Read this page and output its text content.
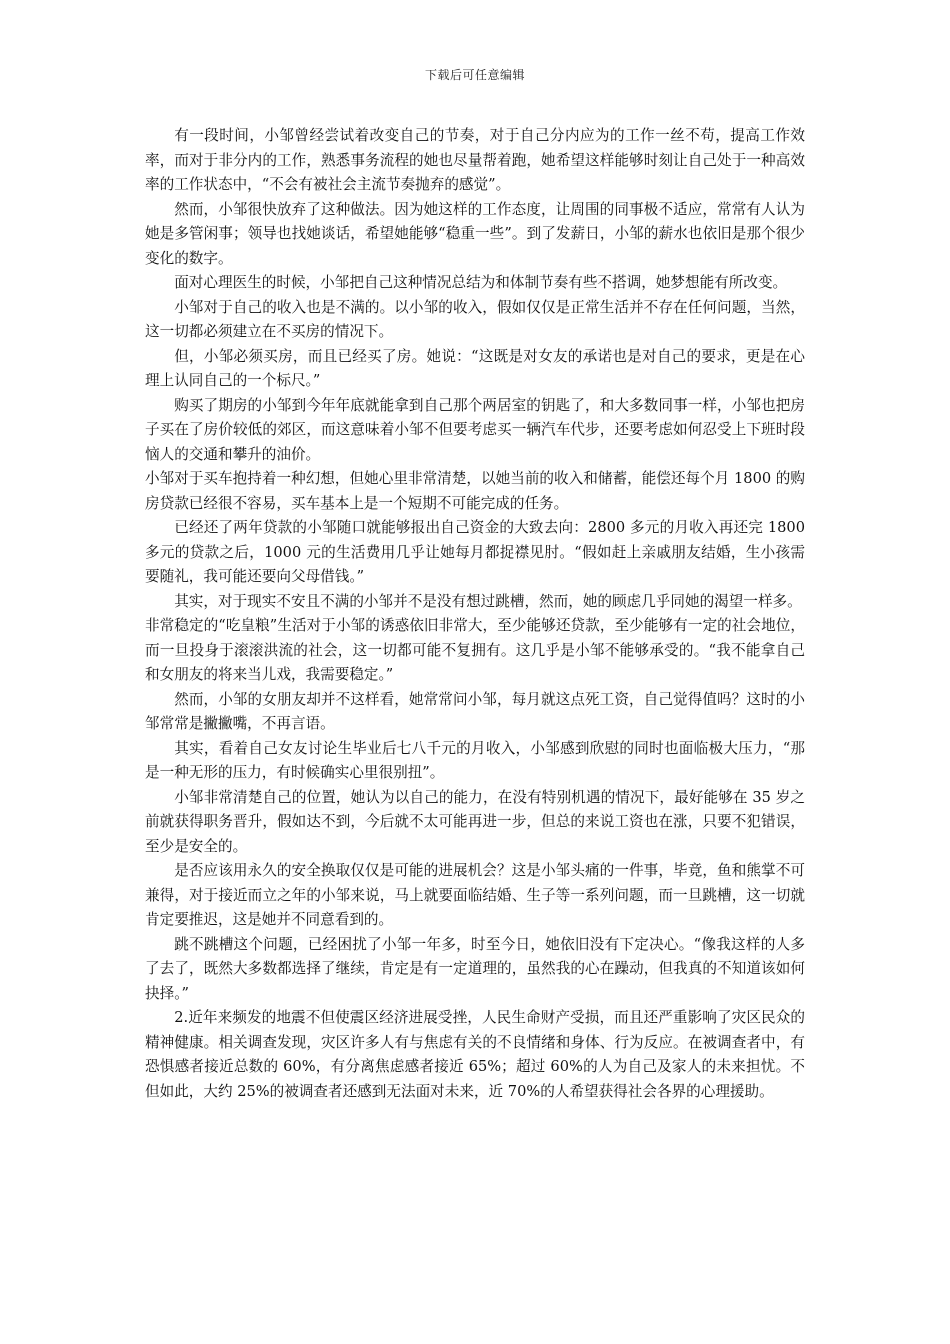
下载后可任意编辑

有一段时间，小邹曾经尝试着改变自己的节奏，对于自己分内应为的工作一丝不苟，提高工作效率，而对于非分内的工作，熟悉事务流程的她也尽量帮着跑，她希望这样能够时刻让自己处于一种高效率的工作状态中，“不会有被社会主流节奏抛弃的感觉”。

然而，小邹很快放弃了这种做法。因为她这样的工作态度，让周围的同事极不适应，常常有人认为她是多管闲事；领导也找她谈话，希望她能够“稳重一些”。到了发薪日，小邹的薪水也依旧是那个很少变化的数字。

面对心理医生的时候，小邹把自己这种情况总结为和体制节奏有些不搭调，她梦想能有所改变。

小邹对于自己的收入也是不满的。以小邹的收入，假如仅仅是正常生活并不存在任何问题，当然，这一切都必须建立在不买房的情况下。

但，小邹必须买房，而且已经买了房。她说：“这既是对女友的承诺也是对自己的要求，更是在心理上认同自己的一个标尺。”

购买了期房的小邹到今年年底就能拿到自己那个两居室的钥匙了，和大多数同事一样，小邹也把房子买在了房价较低的郊区，而这意味着小邹不但要考虑买一辆汽车代步，还要考虑如何忍受上下班时段恼人的交通和攀升的油价。

小邹对于买车抱持着一种幻想，但她心里非常清楚，以她当前的收入和储蓄，能偿还每个月 1800 的购房贷款已经很不容易，买车基本上是一个短期不可能完成的任务。

已经还了两年贷款的小邹随口就能够报出自己资金的大致去向：2800 多元的月收入再还完 1800 多元的贷款之后，1000 元的生活费用几乎让她每月都捉襟见肘。“假如赶上亲戚朋友结婚，生小孩需要随礼，我可能还要向父母借钱。”

其实，对于现实不安且不满的小邹并不是没有想过跳槽，然而，她的顾虑几乎同她的渴望一样多。

非常稳定的“吃皇粮”生活对于小邹的诱惑依旧非常大，至少能够还贷款，至少能够有一定的社会地位，而一旦投身于滚滚洪流的社会，这一切都可能不复拥有。这几乎是小邹不能够承受的。“我不能拿自己和女朋友的将来当儿戏，我需要稳定。”

然而，小邹的女朋友却并不这样看，她常常问小邹，每月就这点死工资，自己觉得值吗？这时的小邹常常是撇撇嘴，不再言语。

其实，看着自己女友讨论生毕业后七八千元的月收入，小邹感到欣慰的同时也面临极大压力，“那是一种无形的压力，有时候确实心里很别扭”。

小邹非常清楚自己的位置，她认为以自己的能力，在没有特别机遇的情况下，最好能够在 35 岁之前就获得职务晋升，假如达不到，今后就不太可能再进一步，但总的来说工资也在涨，只要不犯错误，至少是安全的。

是否应该用永久的安全换取仅仅是可能的进展机会？这是小邹头痛的一件事，毕竟，鱼和熊掌不可兼得，对于接近而立之年的小邹来说，马上就要面临结婚、生子等一系列问题，而一旦跳槽，这一切就肯定要推迟，这是她并不同意看到的。

跳不跳槽这个问题，已经困扰了小邹一年多，时至今日，她依旧没有下定决心。“像我这样的人多了去了，既然大多数都选择了继续，肯定是有一定道理的，虽然我的心在躁动，但我真的不知道该如何抉择。”

2.近年来频发的地震不但使震区经济进展受挫，人民生命财产受损，而且还严重影响了灾区民众的精神健康。相关调查发现，灾区许多人有与焦虑有关的不良情绪和身体、行为反应。在被调查者中，有恐惧感者接近总数的 60%，有分离焦虑感者接近 65%；超过 60%的人为自己及家人的未来担忧。不但如此，大约 25%的被调查者还感到无法面对未来，近 70%的人希望获得社会各界的心理援助。
